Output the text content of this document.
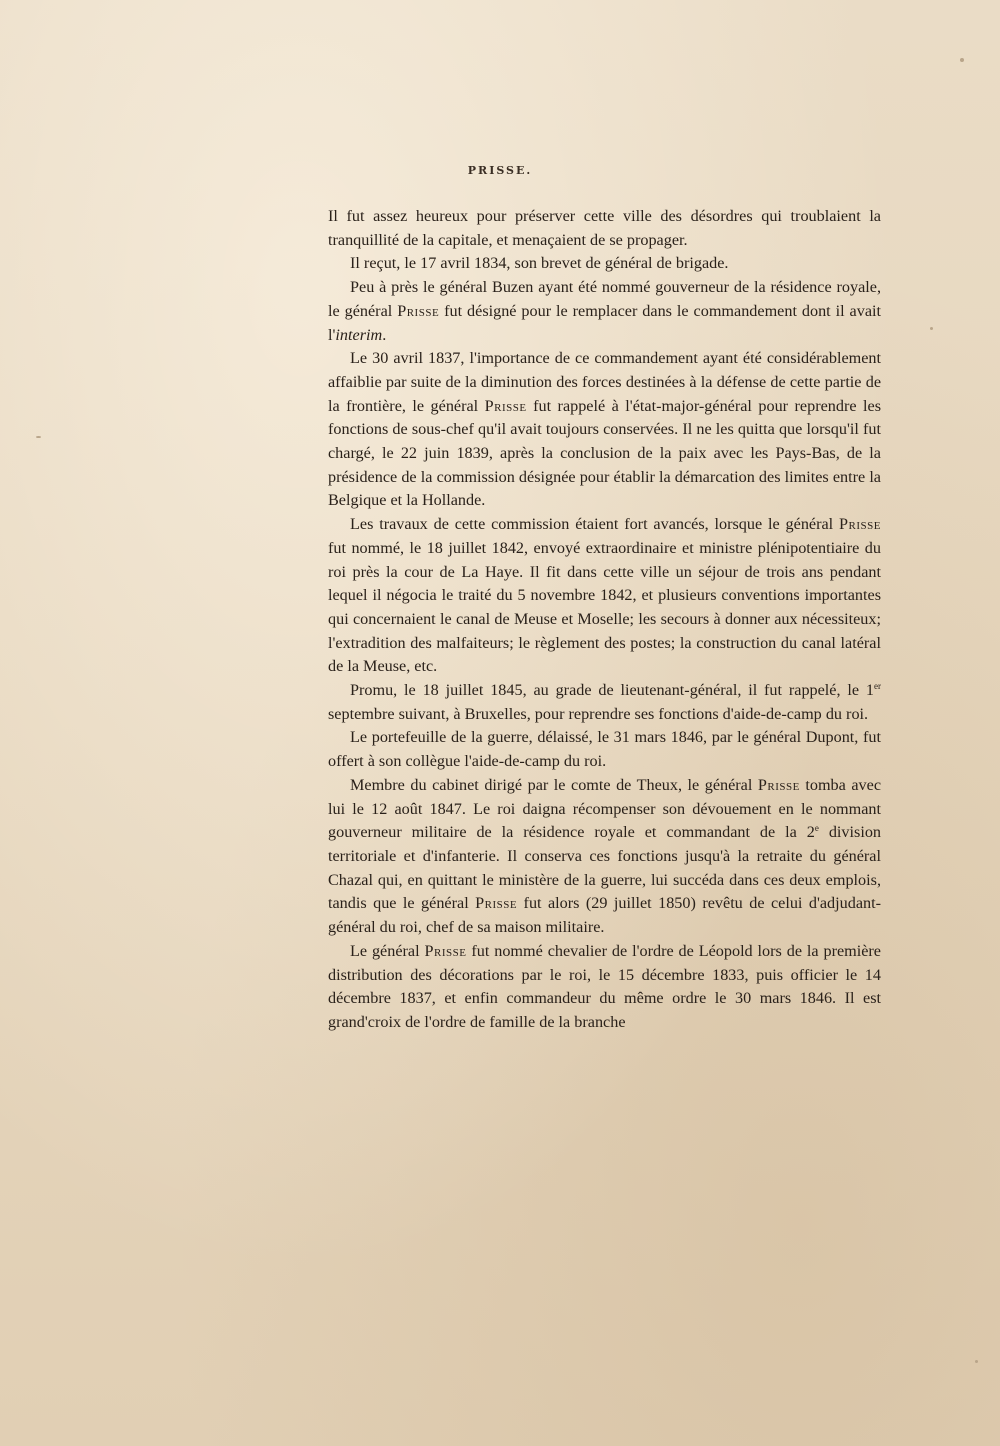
PRISSE.

Il fut assez heureux pour préserver cette ville des désordres qui troublaient la tranquillité de la capitale, et menaçaient de se propager.

Il reçut, le 17 avril 1834, son brevet de général de brigade.

Peu à près le général Buzen ayant été nommé gouverneur de la résidence royale, le général Prisse fut désigné pour le remplacer dans le commandement dont il avait l'interim.

Le 30 avril 1837, l'importance de ce commandement ayant été considérablement affaiblie par suite de la diminution des forces destinées à la défense de cette partie de la frontière, le général Prisse fut rappelé à l'état-major-général pour reprendre les fonctions de sous-chef qu'il avait toujours conservées. Il ne les quitta que lorsqu'il fut chargé, le 22 juin 1839, après la conclusion de la paix avec les Pays-Bas, de la présidence de la commission désignée pour établir la démarcation des limites entre la Belgique et la Hollande.

Les travaux de cette commission étaient fort avancés, lorsque le général Prisse fut nommé, le 18 juillet 1842, envoyé extraordinaire et ministre plénipotentiaire du roi près la cour de La Haye. Il fit dans cette ville un séjour de trois ans pendant lequel il négocia le traité du 5 novembre 1842, et plusieurs conventions importantes qui concernaient le canal de Meuse et Moselle; les secours à donner aux nécessiteux; l'extradition des malfaiteurs; le règlement des postes; la construction du canal latéral de la Meuse, etc.

Promu, le 18 juillet 1845, au grade de lieutenant-général, il fut rappelé, le 1er septembre suivant, à Bruxelles, pour reprendre ses fonctions d'aide-de-camp du roi.

Le portefeuille de la guerre, délaissé, le 31 mars 1846, par le général Dupont, fut offert à son collègue l'aide-de-camp du roi.

Membre du cabinet dirigé par le comte de Theux, le général Prisse tomba avec lui le 12 août 1847. Le roi daigna récompenser son dévouement en le nommant gouverneur militaire de la résidence royale et commandant de la 2e division territoriale et d'infanterie. Il conserva ces fonctions jusqu'à la retraite du général Chazal qui, en quittant le ministère de la guerre, lui succéda dans ces deux emplois, tandis que le général Prisse fut alors (29 juillet 1850) revêtu de celui d'adjudant-général du roi, chef de sa maison militaire.

Le général Prisse fut nommé chevalier de l'ordre de Léopold lors de la première distribution des décorations par le roi, le 15 décembre 1833, puis officier le 14 décembre 1837, et enfin commandeur du même ordre le 30 mars 1846. Il est grand'croix de l'ordre de famille de la branche
